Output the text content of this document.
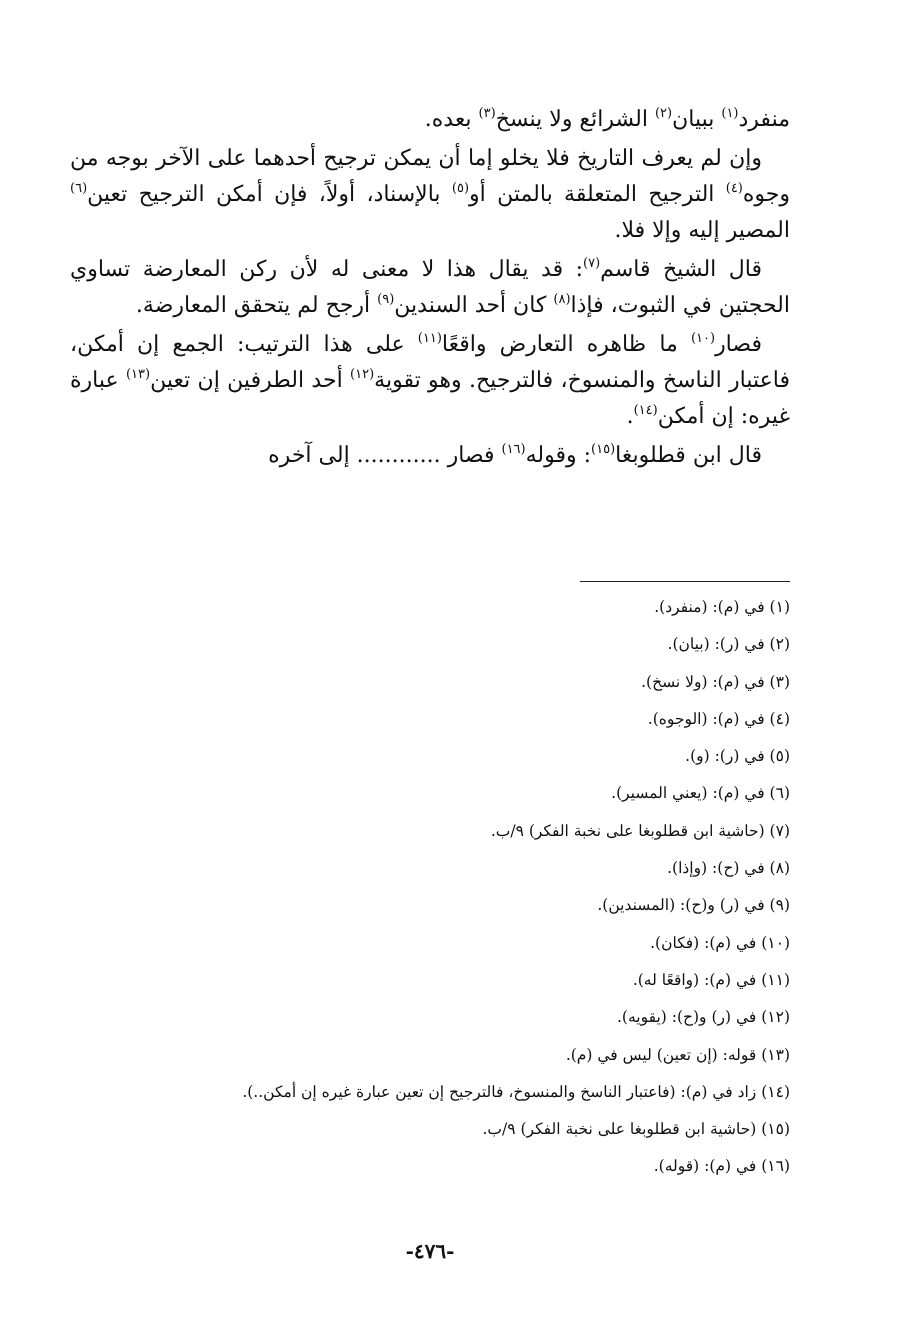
منفرد$^{(١)}$ ببيان$^{(٢)}$ الشرائع ولا ينسخ$^{(٣)}$ بعده.

وإن لم يعرف التاريخ فلا يخلو إما أن يمكن ترجيح أحدهما على الآخر بوجه من وجوه$^{(٤)}$ الترجيح المتعلقة بالمتن أو$^{(٥)}$ بالإسناد، أولاً، فإن أمكن الترجيح تعين$^{(٦)}$ المصير إليه وإلا فلا.

قال الشيخ قاسم$^{(٧)}$: قد يقال هذا لا معنى له لأن ركن المعارضة تساوي الحجتين في الثبوت، فإذا$^{(٨)}$ كان أحد السندين$^{(٩)}$ أرجح لم يتحقق المعارضة.

فصار$^{(١٠)}$ ما ظاهره التعارض واقعًا$^{(١١)}$ على هذا الترتيب: الجمع إن أمكن، فاعتبار الناسخ والمنسوخ، فالترجيح. وهو تقوية$^{(١٢)}$ أحد الطرفين إن تعين$^{(١٣)}$ عبارة غيره: إن أمكن$^{(١٤)}$.

قال ابن قطلوبغا$^{(١٥)}$: وقوله$^{(١٦)}$ فصار ............ إلى آخره

(١) في (م): (منفرد).
(٢) في (ر): (بيان).
(٣) في (م): (ولا نسخ).
(٤) في (م): (الوجوه).
(٥) في (ر): (و).
(٦) في (م): (يعني المسير).
(٧) (حاشية ابن قطلوبغا على نخبة الفكر) ٩/ب.
(٨) في (ح): (وإذا).
(٩) في (ر) و(ح): (المسندين).
(١٠) في (م): (فكان).
(١١) في (م): (واقعًا له).
(١٢) في (ر) و(ح): (يقويه).
(١٣) قوله: (إن تعين) ليس في (م).
(١٤) زاد في (م): (فاعتبار الناسخ والمنسوخ، فالترجيح إن تعين عبارة غيره إن أمكن..).
(١٥) (حاشية ابن قطلوبغا على نخبة الفكر) ٩/ب.
(١٦) في (م): (قوله).
-٤٧٦-
